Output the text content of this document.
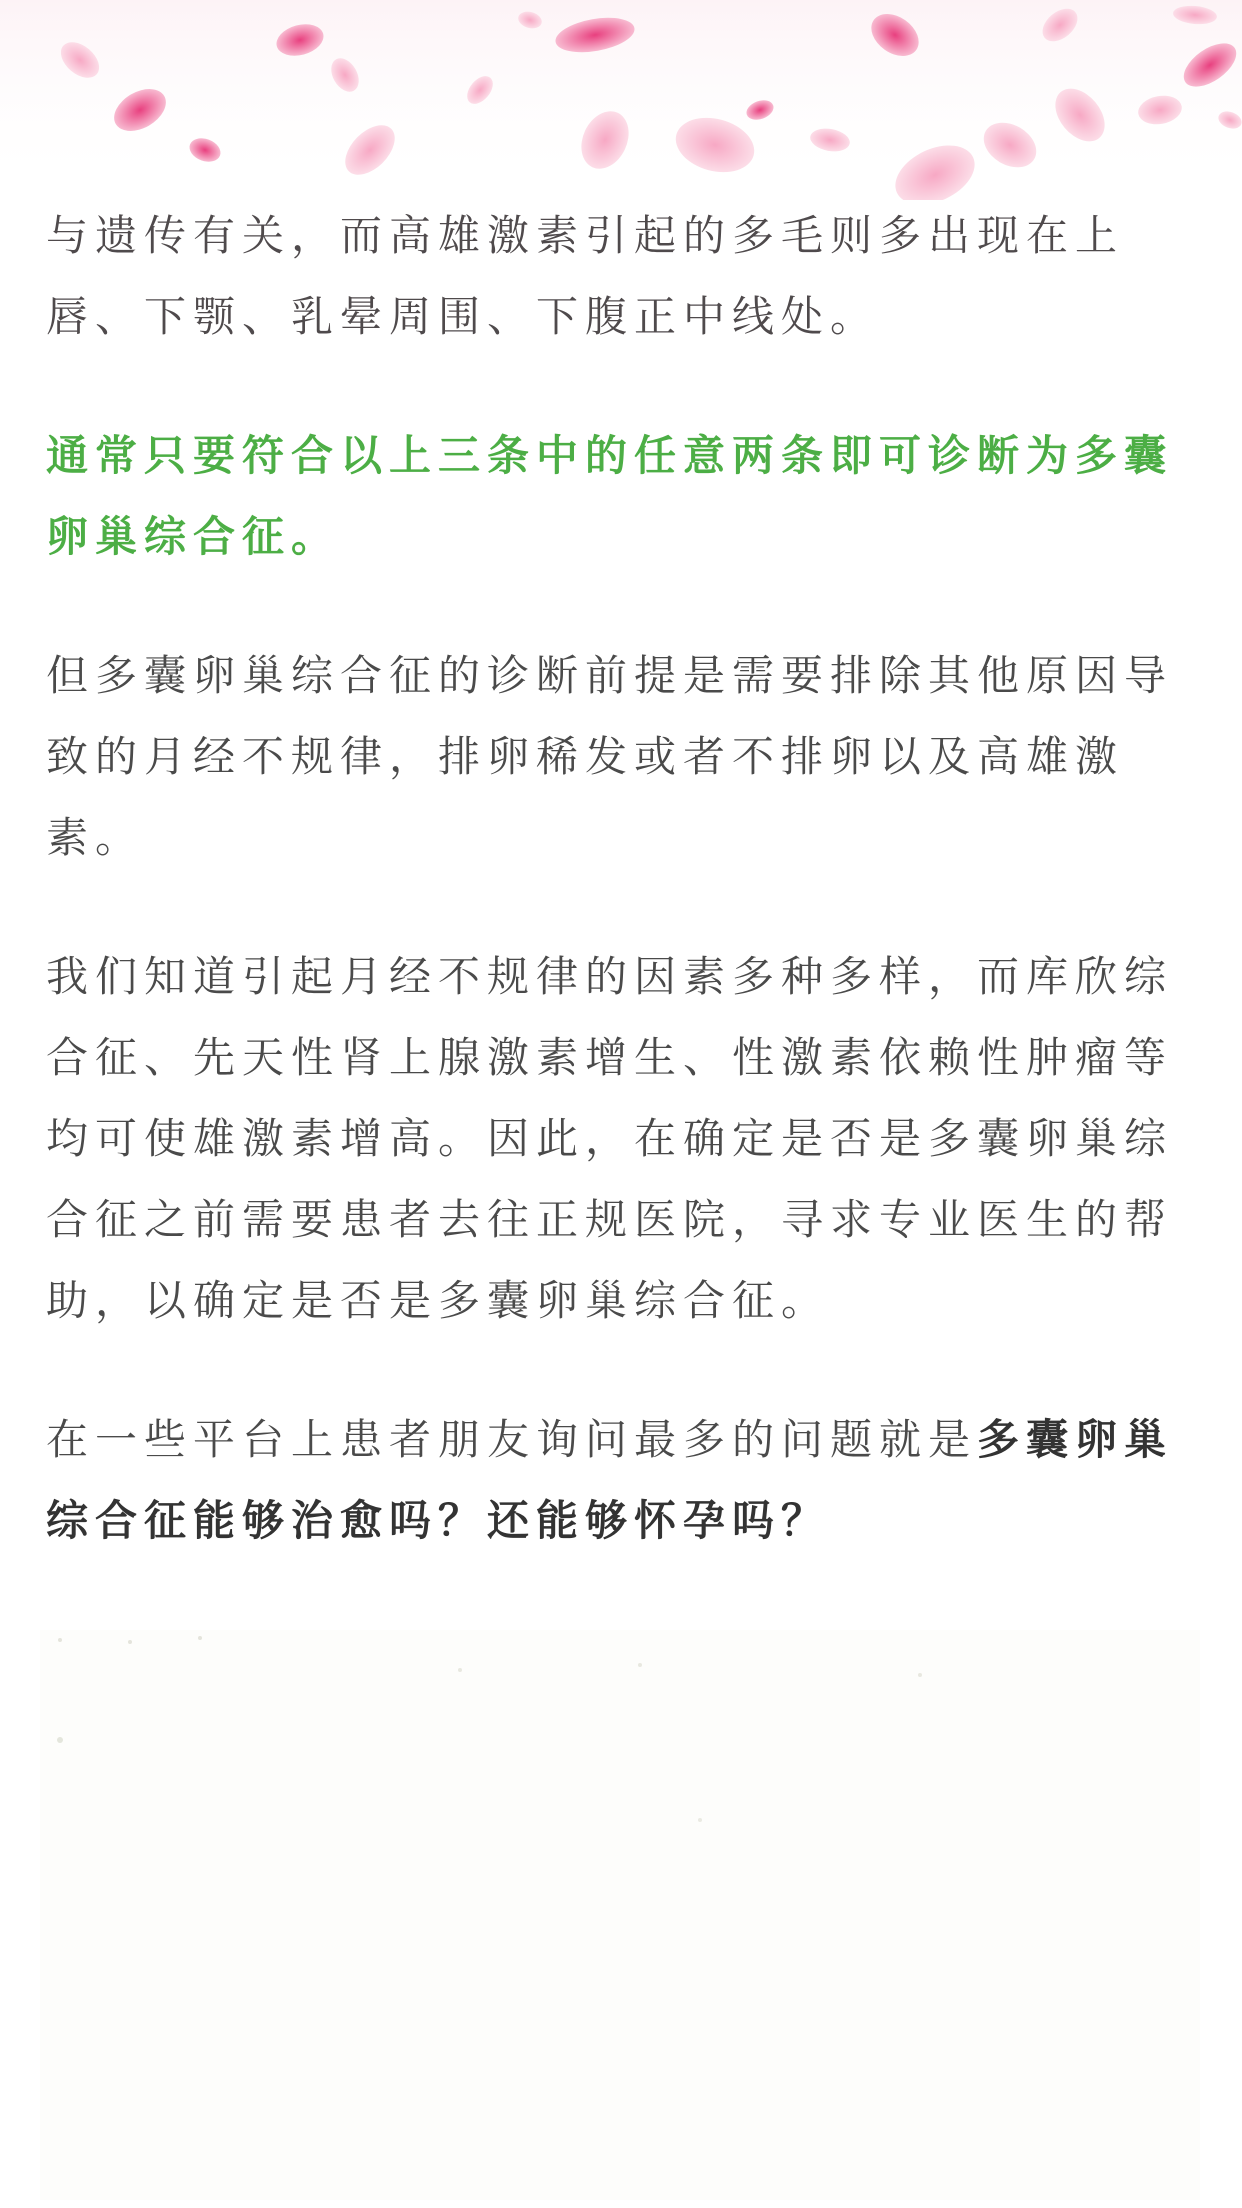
与遗传有关，而高雄激素引起的多毛则多出现在上唇、下颚、乳晕周围、下腹正中线处。

通常只要符合以上三条中的任意两条即可诊断为多囊卵巢综合征。

但多囊卵巢综合征的诊断前提是需要排除其他原因导致的月经不规律，排卵稀发或者不排卵以及高雄激素。

我们知道引起月经不规律的因素多种多样，而库欣综合征、先天性肾上腺激素增生、性激素依赖性肿瘤等均可使雄激素增高。因此，在确定是否是多囊卵巢综合征之前需要患者去往正规医院，寻求专业医生的帮助，以确定是否是多囊卵巢综合征。

在一些平台上患者朋友询问最多的问题就是多囊卵巢综合征能够治愈吗？还能够怀孕吗？
